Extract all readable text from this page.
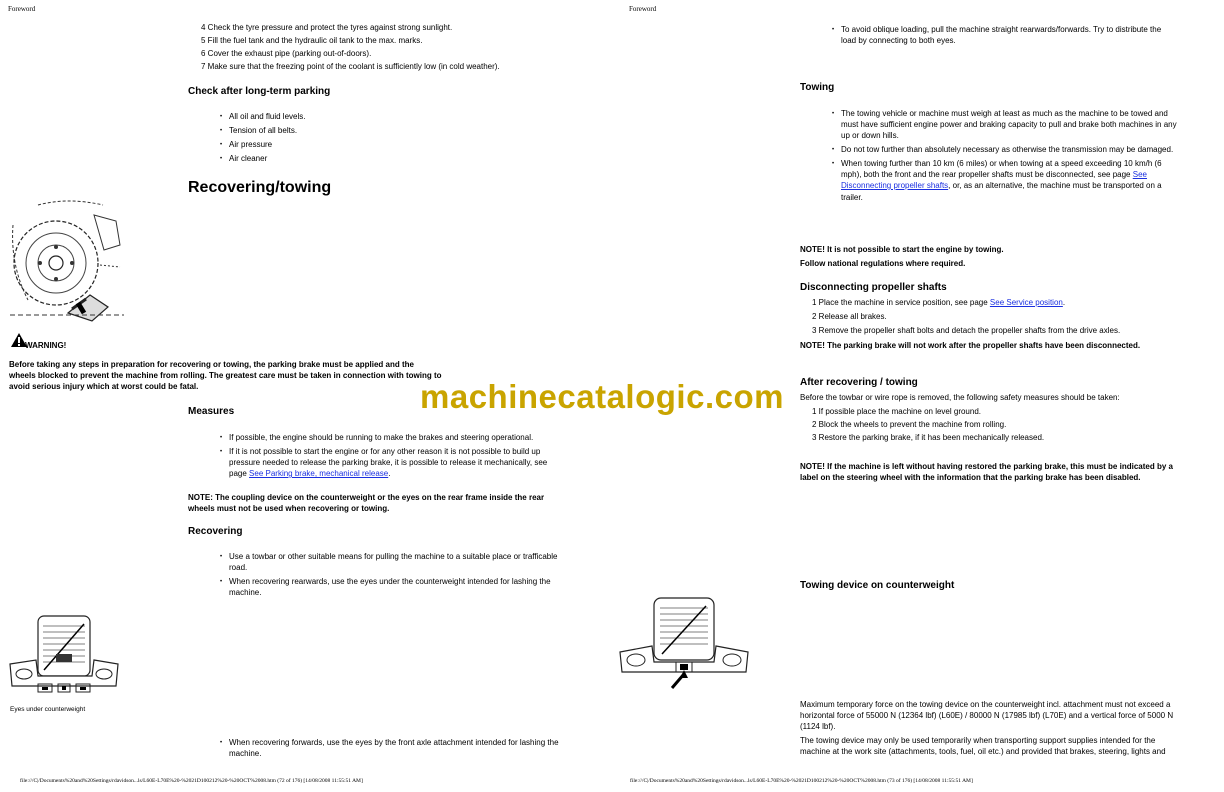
Foreword
4 Check the tyre pressure and protect the tyres against strong sunlight.
5 Fill the fuel tank and the hydraulic oil tank to the max. marks.
6 Cover the exhaust pipe (parking out-of-doors).
7 Make sure that the freezing point of the coolant is sufficiently low (in cold weather).
Check after long-term parking
• All oil and fluid levels.
• Tension of all belts.
• Air pressure
• Air cleaner
Recovering/towing
WARNING!
Before taking any steps in preparation for recovering or towing, the parking brake must be applied and the
wheels blocked to prevent the machine from rolling. The greatest care must be taken in connection with towing to
avoid serious injury which at worst could be fatal.
Measures
• If possible, the engine should be running to make the brakes and steering operational.
• If it is not possible to start the engine or for any other reason it is not possible to build up
pressure needed to release the parking brake, it is possible to release it mechanically, see
page See Parking brake, mechanical release.
NOTE: The coupling device on the counterweight or the eyes on the rear frame inside the rear
wheels must not be used when recovering or towing.
Recovering
• Use a towbar or other suitable means for pulling the machine to a suitable place or trafficable
road.
• When recovering rearwards, use the eyes under the counterweight intended for lashing the
machine.
Eyes under counterweight
• When recovering forwards, use the eyes by the front axle attachment intended for lashing the
machine.
file:///C|/Documents%20and%20Settings/rdavidson...ls/L60E-L70E%20-%2021D100212%20-%20OCT%2008.htm (72 of 176) [14/08/2008 11:55:51 AM]
Foreword
• To avoid oblique loading, pull the machine straight rearwards/forwards. Try to distribute the
load by connecting to both eyes.
Towing
• The towing vehicle or machine must weigh at least as much as the machine to be towed and
must have sufficient engine power and braking capacity to pull and brake both machines in any
up or down hills.
• Do not tow further than absolutely necessary as otherwise the transmission may be damaged.
• When towing further than 10 km (6 miles) or when towing at a speed exceeding 10 km/h (6
mph), both the front and the rear propeller shafts must be disconnected, see page See
Disconnecting propeller shafts, or, as an alternative, the machine must be transported on a
trailer.
NOTE! It is not possible to start the engine by towing.
Follow national regulations where required.
Disconnecting propeller shafts
1 Place the machine in service position, see page See Service position.
2 Release all brakes.
3 Remove the propeller shaft bolts and detach the propeller shafts from the drive axles.
NOTE! The parking brake will not work after the propeller shafts have been disconnected.
After recovering / towing
Before the towbar or wire rope is removed, the following safety measures should be taken:
1 If possible place the machine on level ground.
2 Block the wheels to prevent the machine from rolling.
3 Restore the parking brake, if it has been mechanically released.
NOTE! If the machine is left without having restored the parking brake, this must be indicated by a
label on the steering wheel with the information that the parking brake has been disabled.
Towing device on counterweight
Maximum temporary force on the towing device on the counterweight incl. attachment must not exceed a
horizontal force of 55000 N (12364 lbf) (L60E) / 80000 N (17985 lbf) (L70E) and a vertical force of 5000 N
(1124 lbf).
The towing device may only be used temporarily when transporting support supplies intended for the
machine at the work site (attachments, tools, fuel, oil etc.) and provided that brakes, steering, lights and
file:///C|/Documents%20and%20Settings/rdavidson...ls/L60E-L70E%20-%2021D100212%20-%20OCT%2008.htm (73 of 176) [14/08/2008 11:55:51 AM]
machinecatalogic.com
